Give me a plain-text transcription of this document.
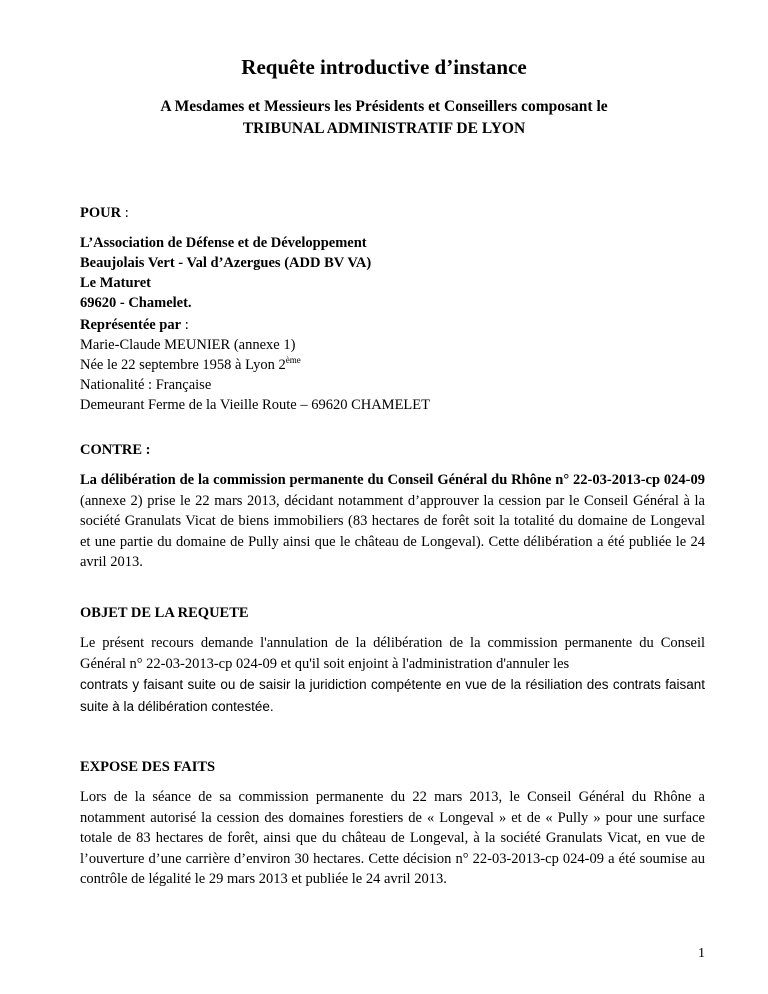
Requête introductive d’instance
A Mesdames et Messieurs les Présidents et Conseillers composant le
TRIBUNAL ADMINISTRATIF DE LYON
POUR :
L’Association de Défense et de Développement
Beaujolais Vert - Val d’Azergues (ADD BV VA)
Le Maturet
69620 - Chamelet.
Représentée par :
Marie-Claude MEUNIER (annexe 1)
Née le 22 septembre 1958 à Lyon 2ème
Nationalité : Française
Demeurant Ferme de la Vieille Route – 69620 CHAMELET
CONTRE :
La délibération de la commission permanente du Conseil Général du Rhône n° 22-03-2013-cp 024-09 (annexe 2) prise le 22 mars 2013, décidant notamment d’approuver la cession par le Conseil Général à la société Granulats Vicat de biens immobiliers (83 hectares de forêt soit la totalité du domaine de Longeval et une partie du domaine de Pully ainsi que le château de Longeval). Cette délibération a été publiée le 24 avril 2013.
OBJET DE LA REQUETE
Le présent recours demande l'annulation de la délibération de la commission permanente du Conseil Général n° 22-03-2013-cp 024-09 et qu'il soit enjoint à l'administration d'annuler les
contrats y faisant suite ou de saisir la juridiction compétente en vue de la résiliation des contrats faisant suite à la délibération contestée.
EXPOSE DES FAITS
Lors de la séance de sa commission permanente du 22 mars 2013, le Conseil Général du Rhône a notamment autorisé la cession des domaines forestiers de « Longeval » et de « Pully » pour une surface totale de 83 hectares de forêt, ainsi que du château de Longeval, à la société Granulats Vicat, en vue de l’ouverture d’une carrière d’environ 30 hectares. Cette décision n° 22-03-2013-cp 024-09 a été soumise au contrôle de légalité le 29 mars 2013 et publiée le 24 avril 2013.
1
